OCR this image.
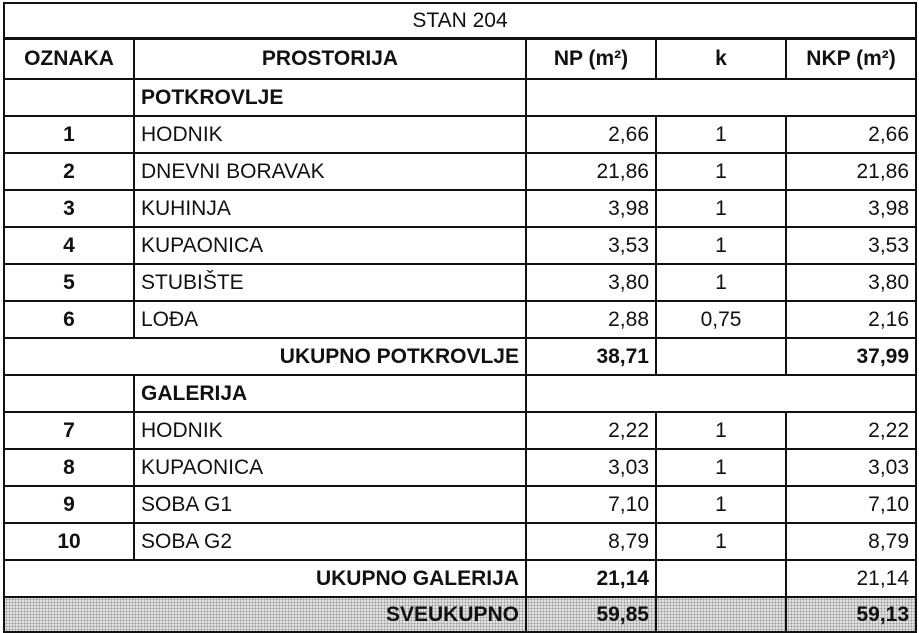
STAN 204				
OZNAKA	PROSTORIJA	NP (m²)	k	NKP (m²)
	POTKROVLJE			
1	HODNIK	2,66	1	2,66
2	DNEVNI BORAVAK	21,86	1	21,86
3	KUHINJA	3,98	1	3,98
4	KUPAONICA	3,53	1	3,53
5	STUBIŠTE	3,80	1	3,80
6	LOĐA	2,88	0,75	2,16
UKUPNO POTKROVLJE		38,71		37,99
	GALERIJA			
7	HODNIK	2,22	1	2,22
8	KUPAONICA	3,03	1	3,03
9	SOBA G1	7,10	1	7,10
10	SOBA G2	8,79	1	8,79
UKUPNO GALERIJA		21,14		21,14
SVEUKUPNO		59,85		59,13
